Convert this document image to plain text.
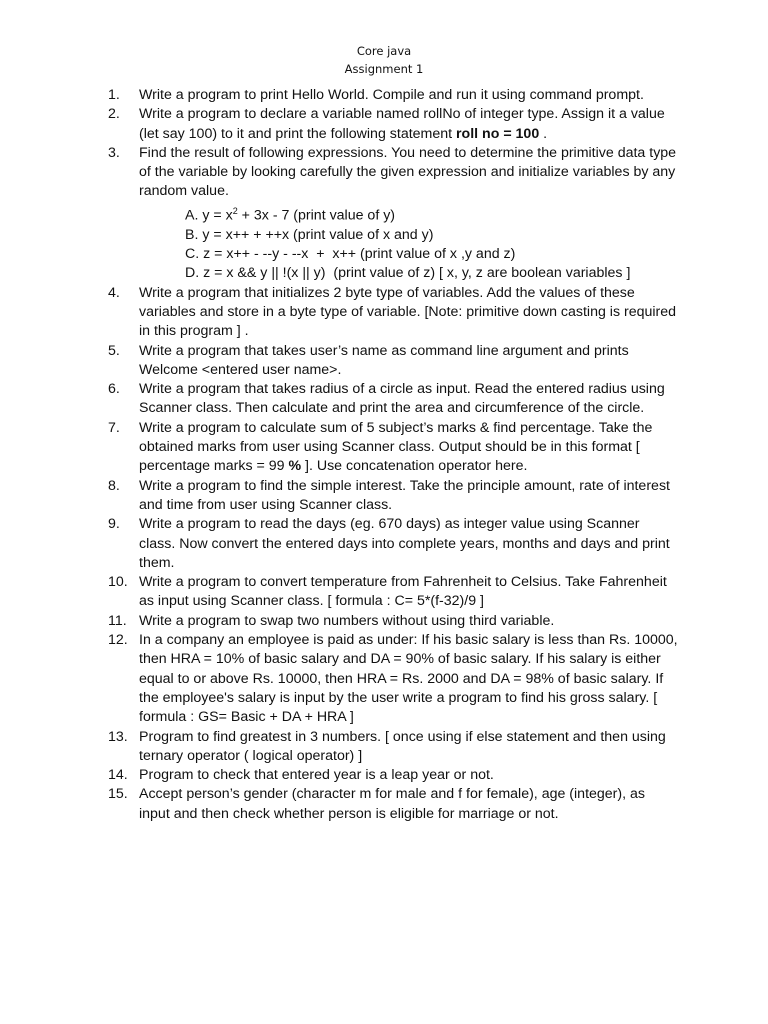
Core java
Assignment 1
1. Write a program to print Hello World. Compile and run it using command prompt.
2. Write a program to declare a variable named rollNo of integer type. Assign it a value (let say 100) to it and print the following statement roll no = 100 .
3. Find the result of following expressions. You need to determine the primitive data type of the variable by looking carefully the given expression and initialize variables by any random value.
A. $y = x^2 + 3x - 7$ (print value of y)
B. y = x++ + ++x (print value of x and y)
C. z = x++ - --y - --x  +  x++ (print value of x ,y and z)
D. z = x && y || !(x || y)  (print value of z) [ x, y, z are boolean variables ]
4. Write a program that initializes 2 byte type of variables. Add the values of these variables and store in a byte type of variable. [Note: primitive down casting is required in this program ] .
5. Write a program that takes user’s name as command line argument and prints Welcome <entered user name>.
6. Write a program that takes radius of a circle as input. Read the entered radius using Scanner class. Then calculate and print the area and circumference of the circle.
7. Write a program to calculate sum of 5 subject’s marks & find percentage. Take the obtained marks from user using Scanner class. Output should be in this format [ percentage marks = 99 % ]. Use concatenation operator here.
8. Write a program to find the simple interest. Take the principle amount, rate of interest and time from user using Scanner class.
9. Write a program to read the days (eg. 670 days) as integer value using Scanner class. Now convert the entered days into complete years, months and days and print them.
10. Write a program to convert temperature from Fahrenheit to Celsius. Take Fahrenheit as input using Scanner class. [ formula : C= 5*(f-32)/9 ]
11. Write a program to swap two numbers without using third variable.
12. In a company an employee is paid as under: If his basic salary is less than Rs. 10000, then HRA = 10% of basic salary and DA = 90% of basic salary. If his salary is either equal to or above Rs. 10000, then HRA = Rs. 2000 and DA = 98% of basic salary. If the employee's salary is input by the user write a program to find his gross salary. [ formula : GS= Basic + DA + HRA ]
13. Program to find greatest in 3 numbers. [ once using if else statement and then using ternary operator ( logical operator) ]
14. Program to check that entered year is a leap year or not.
15. Accept person’s gender (character m for male and f for female), age (integer), as input and then check whether person is eligible for marriage or not.
